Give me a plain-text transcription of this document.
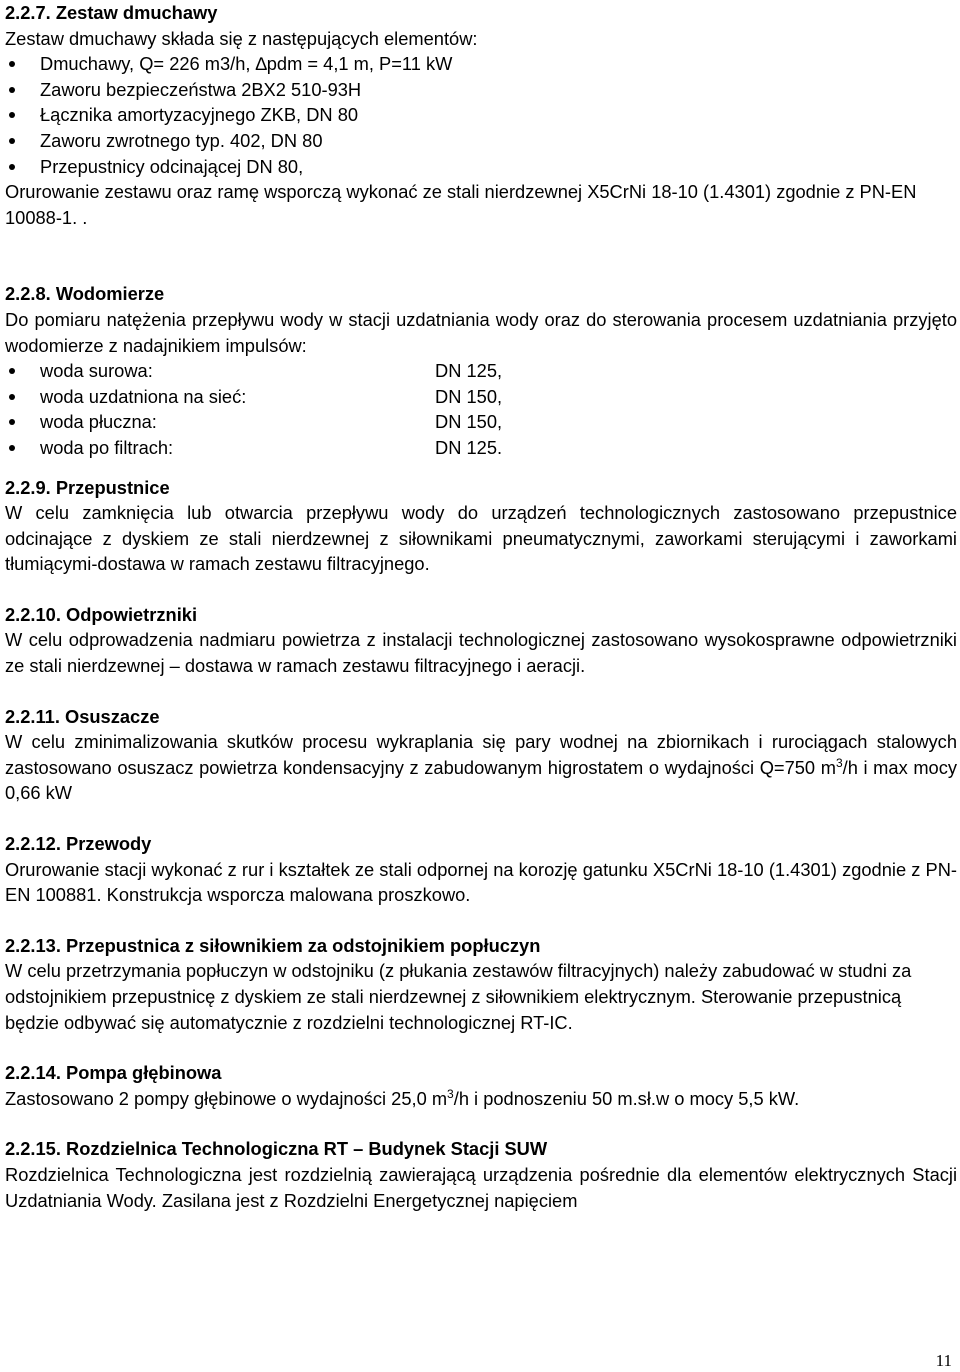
2.2.7. Zestaw dmuchawy

Zestaw dmuchawy składa się z następujących elementów:

Dmuchawy, Q= 226 m3/h, ∆pdm = 4,1 m, P=11 kW
Zaworu bezpieczeństwa 2BX2 510-93H
Łącznika amortyzacyjnego ZKB, DN 80
Zaworu zwrotnego typ. 402, DN 80
Przepustnicy odcinającej DN 80,

Orurowanie zestawu oraz ramę wsporczą wykonać ze stali nierdzewnej X5CrNi 18-10 (1.4301) zgodnie z PN-EN 10088-1. .

2.2.8. Wodomierze

Do pomiaru natężenia przepływu wody w stacji uzdatniania wody oraz do sterowania procesem uzdatniania przyjęto wodomierze z nadajnikiem impulsów:

woda surowa:	DN 125,
woda uzdatniona na sieć:	DN 150,
woda płuczna:	DN 150,
woda po filtrach:	DN 125.

2.2.9. Przepustnice

W celu zamknięcia lub otwarcia przepływu wody do urządzeń technologicznych zastosowano przepustnice odcinające z dyskiem ze stali nierdzewnej z siłownikami pneumatycznymi, zaworkami sterującymi i zaworkami tłumiącymi-dostawa w ramach zestawu filtracyjnego.

2.2.10. Odpowietrzniki

W celu odprowadzenia nadmiaru powietrza z instalacji technologicznej zastosowano wysokosprawne odpowietrzniki ze stali nierdzewnej – dostawa w ramach zestawu filtracyjnego i aeracji.

2.2.11. Osuszacze

W celu zminimalizowania skutków procesu wykraplania się pary wodnej na zbiornikach i rurociągach stalowych zastosowano osuszacz powietrza kondensacyjny z zabudowanym higrostatem o wydajności Q=750 $m^3/h$ i max mocy 0,66 kW

2.2.12. Przewody

Orurowanie stacji wykonać z rur i kształtek ze stali odpornej na korozję gatunku X5CrNi 18-10 (1.4301) zgodnie z PN-EN 100881. Konstrukcja wsporcza malowana proszkowo.

2.2.13. Przepustnica z siłownikiem za odstojnikiem popłuczyn

W celu przetrzymania popłuczyn w odstojniku (z płukania zestawów filtracyjnych) należy zabudować w studni za odstojnikiem przepustnicę z dyskiem ze stali nierdzewnej z siłownikiem elektrycznym. Sterowanie przepustnicą będzie odbywać się automatycznie z rozdzielni technologicznej RT-IC.

2.2.14. Pompa głębinowa

Zastosowano 2 pompy głębinowe o wydajności 25,0 $m^3/h$ i podnoszeniu 50 m.sł.w o mocy 5,5 kW.

2.2.15. Rozdzielnica Technologiczna RT – Budynek Stacji SUW

Rozdzielnica Technologiczna jest rozdzielnią zawierającą urządzenia pośrednie dla elementów elektrycznych Stacji Uzdatniania Wody. Zasilana jest z Rozdzielni Energetycznej napięciem

11
